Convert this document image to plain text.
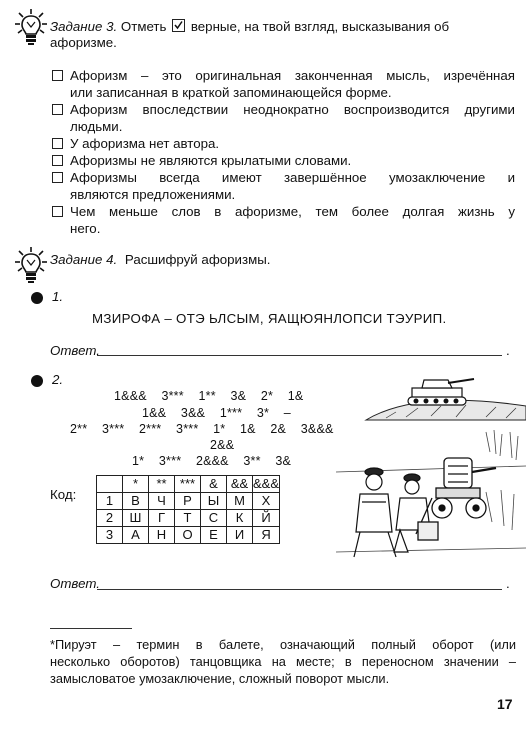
Задание 3. Отметь верные, на твой взгляд, высказывания об
афоризме.
Афоризм – это оригинальная законченная мысль, изречённая
или записанная в краткой запоминающейся форме.
Афоризм впоследствии неоднократно воспроизводится другими
людьми.
У афоризма нет автора.
Афоризмы не являются крылатыми словами.
Афоризмы всегда имеют завершённое умозаключение и
являются предложениями.
Чем меньше слов в афоризме, тем более долгая жизнь у
него.
Задание 4. Расшифруй афоризмы.
1.
МЗИРОФА – ОТЭ ЬЛСЫМ, ЯАЩЮЯНЛОПСИ ТЭУРИП.
Ответ.	.
2.
1&&&    3***    1**    3&    2*    1&
1&&    3&&    1***    3*    –
2**    3***    2***    3***    1*    1&    2&    3&&&
2&&
1*    3***    2&&&    3**    3&
Код:
	*	**	***	&	&&	&&&
1	В	Ч	Р	Ы	М	Х
2	Ш	Г	Т	С	К	Й
3	А	Н	О	Е	И	Я
Ответ.	.
*Пируэт – термин в балете, означающий полный оборот (или
несколько оборотов) танцовщика на месте; в переносном значении –
замысловатое умозаключение, сложный поворот мысли.
17
